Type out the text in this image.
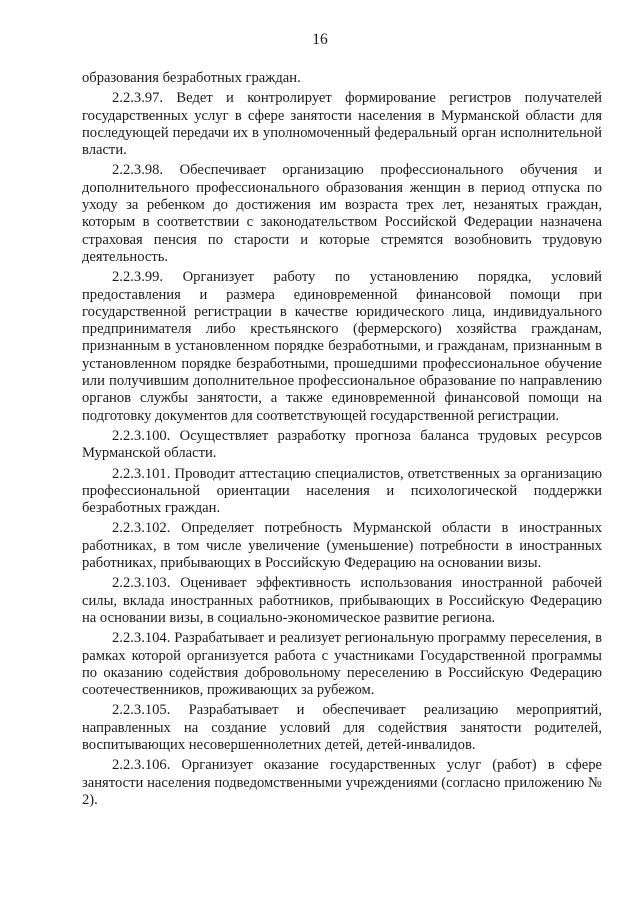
16

образования безработных граждан.

2.2.3.97. Ведет и контролирует формирование регистров получателей государственных услуг в сфере занятости населения в Мурманской области для последующей передачи их в уполномоченный федеральный орган исполнительной власти.

2.2.3.98. Обеспечивает организацию профессионального обучения и дополнительного профессионального образования женщин в период отпуска по уходу за ребенком до достижения им возраста трех лет, незанятых граждан, которым в соответствии с законодательством Российской Федерации назначена страховая пенсия по старости и которые стремятся возобновить трудовую деятельность.

2.2.3.99. Организует работу по установлению порядка, условий предоставления и размера единовременной финансовой помощи при государственной регистрации в качестве юридического лица, индивидуального предпринимателя либо крестьянского (фермерского) хозяйства гражданам, признанным в установленном порядке безработными, и гражданам, признанным в установленном порядке безработными, прошедшими профессиональное обучение или получившим дополнительное профессиональное образование по направлению органов службы занятости, а также единовременной финансовой помощи на подготовку документов для соответствующей государственной регистрации.

2.2.3.100. Осуществляет разработку прогноза баланса трудовых ресурсов Мурманской области.

2.2.3.101. Проводит аттестацию специалистов, ответственных за организацию профессиональной ориентации населения и психологической поддержки безработных граждан.

2.2.3.102. Определяет потребность Мурманской области в иностранных работниках, в том числе увеличение (уменьшение) потребности в иностранных работниках, прибывающих в Российскую Федерацию на основании визы.

2.2.3.103. Оценивает эффективность использования иностранной рабочей силы, вклада иностранных работников, прибывающих в Российскую Федерацию на основании визы, в социально-экономическое развитие региона.

2.2.3.104. Разрабатывает и реализует региональную программу переселения, в рамках которой организуется работа с участниками Государственной программы по оказанию содействия добровольному переселению в Российскую Федерацию соотечественников, проживающих за рубежом.

2.2.3.105. Разрабатывает и обеспечивает реализацию мероприятий, направленных на создание условий для содействия занятости родителей, воспитывающих несовершеннолетних детей, детей-инвалидов.

2.2.3.106. Организует оказание государственных услуг (работ) в сфере занятости населения подведомственными учреждениями (согласно приложению № 2).
